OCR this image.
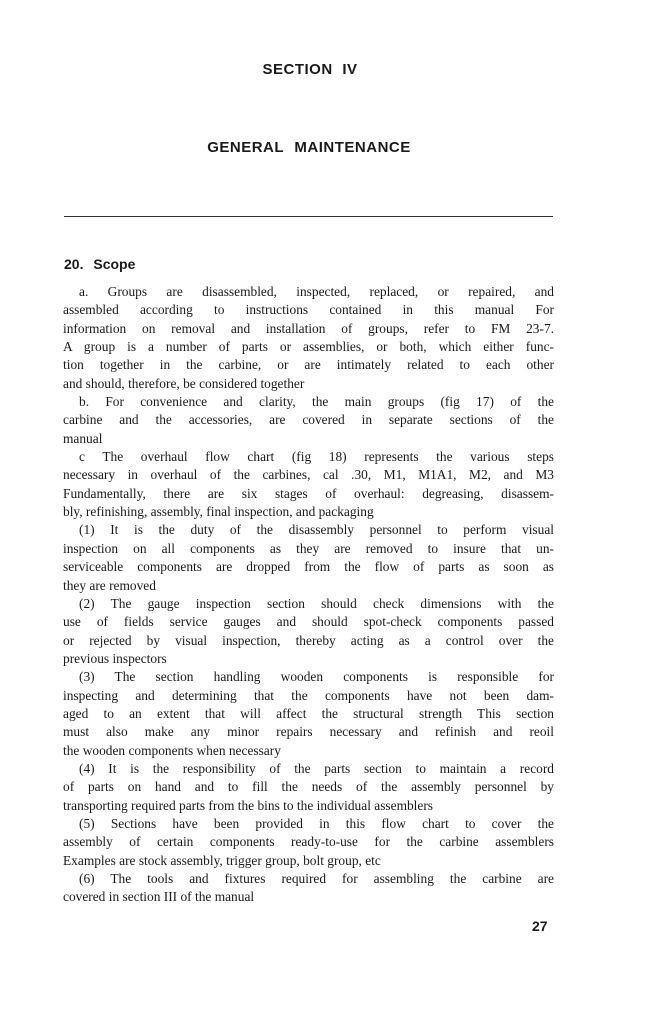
SECTION IV
GENERAL MAINTENANCE
20. Scope
a. Groups are disassembled, inspected, replaced, or repaired, and
assembled according to instructions contained in this manual For
information on removal and installation of groups, refer to FM 23-7.
A group is a number of parts or assemblies, or both, which either func-
tion together in the carbine, or are intimately related to each other
and should, therefore, be considered together
b. For convenience and clarity, the main groups (fig 17) of the
carbine and the accessories, are covered in separate sections of the
manual
c The overhaul flow chart (fig 18) represents the various steps
necessary in overhaul of the carbines, cal .30, M1, M1A1, M2, and M3
Fundamentally, there are six stages of overhaul: degreasing, disassem-
bly, refinishing, assembly, final inspection, and packaging
(1) It is the duty of the disassembly personnel to perform visual
inspection on all components as they are removed to insure that un-
serviceable components are dropped from the flow of parts as soon as
they are removed
(2) The gauge inspection section should check dimensions with the
use of fields service gauges and should spot-check components passed
or rejected by visual inspection, thereby acting as a control over the
previous inspectors
(3) The section handling wooden components is responsible for
inspecting and determining that the components have not been dam-
aged to an extent that will affect the structural strength This section
must also make any minor repairs necessary and refinish and reoil
the wooden components when necessary
(4) It is the responsibility of the parts section to maintain a record
of parts on hand and to fill the needs of the assembly personnel by
transporting required parts from the bins to the individual assemblers
(5) Sections have been provided in this flow chart to cover the
assembly of certain components ready-to-use for the carbine assemblers
Examples are stock assembly, trigger group, bolt group, etc
(6) The tools and fixtures required for assembling the carbine are
covered in section III of the manual
27
